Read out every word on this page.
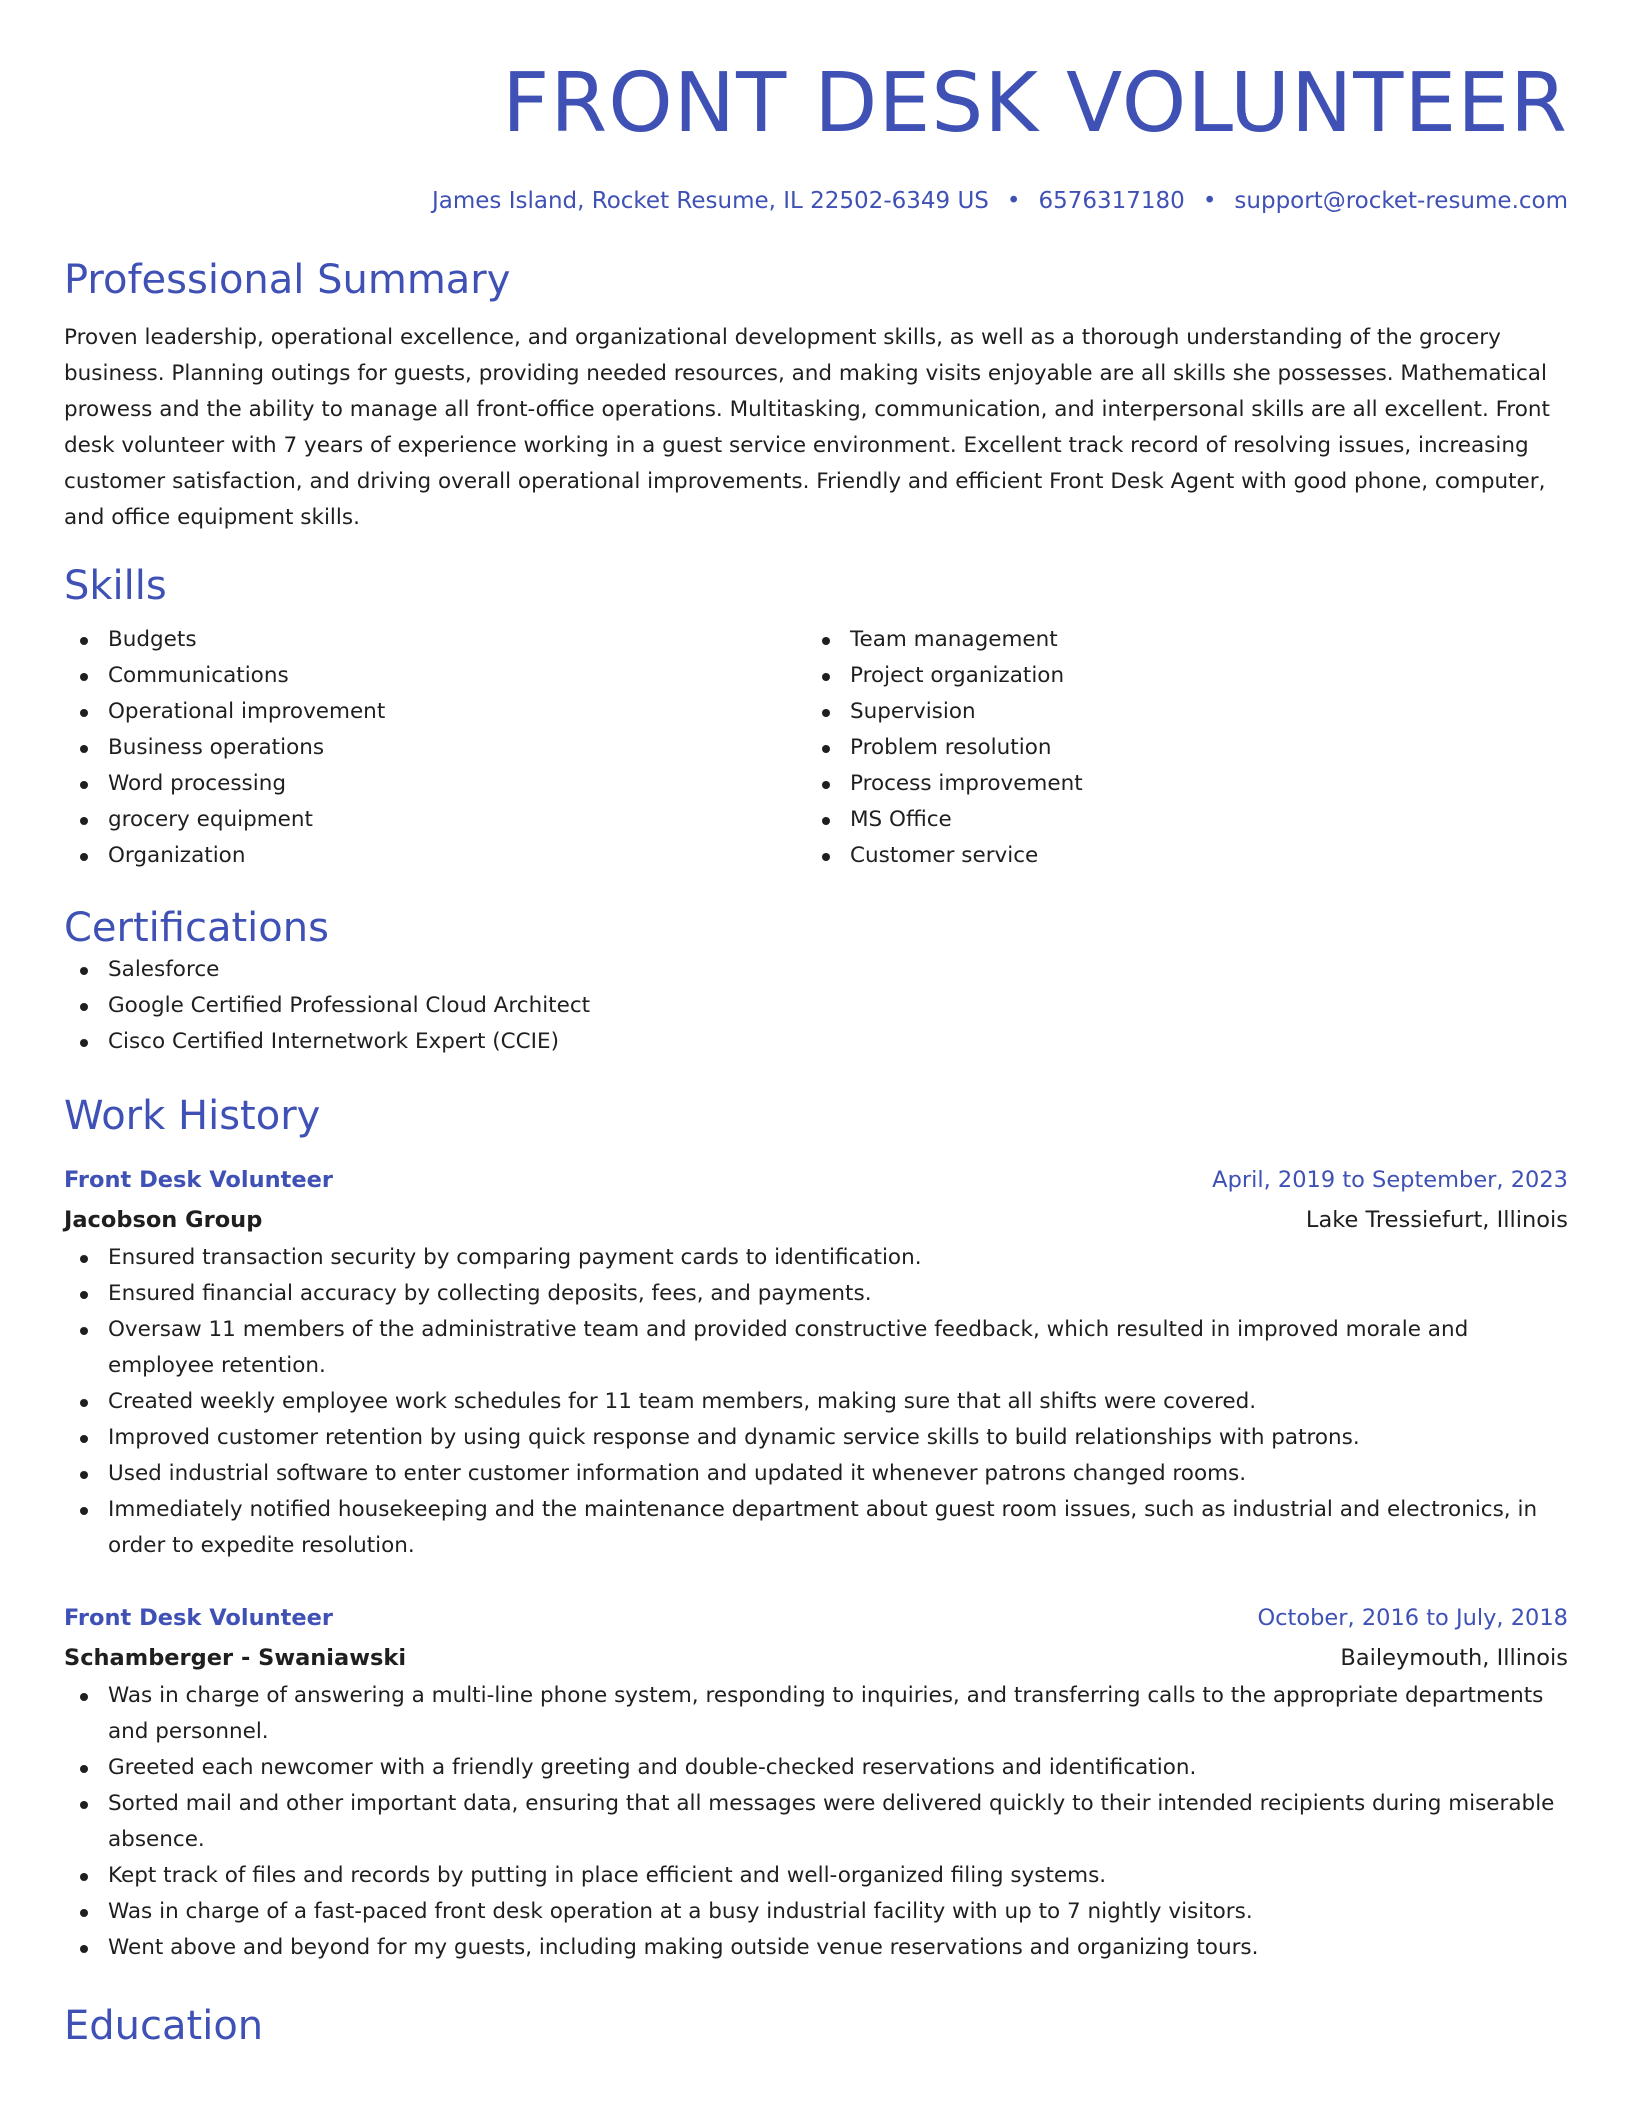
FRONT DESK VOLUNTEER
James Island, Rocket Resume, IL 22502-6349 US • 6576317180 • support@rocket-resume.com
Professional Summary

Proven leadership, operational excellence, and organizational development skills, as well as a thorough understanding of the grocery business. Planning outings for guests, providing needed resources, and making visits enjoyable are all skills she possesses. Mathematical prowess and the ability to manage all front-office operations. Multitasking, communication, and interpersonal skills are all excellent. Front desk volunteer with 7 years of experience working in a guest service environment. Excellent track record of resolving issues, increasing customer satisfaction, and driving overall operational improvements. Friendly and efficient Front Desk Agent with good phone, computer, and office equipment skills.

Skills
Budgets
Communications
Operational improvement
Business operations
Word processing
grocery equipment
Organization
Team management
Project organization
Supervision
Problem resolution
Process improvement
MS Office
Customer service
Certifications
Salesforce
Google Certified Professional Cloud Architect
Cisco Certified Internetwork Expert (CCIE)
Work History
Front Desk Volunteer	April, 2019 to September, 2023
Jacobson Group	Lake Tressiefurt, Illinois
Ensured transaction security by comparing payment cards to identification.
Ensured financial accuracy by collecting deposits, fees, and payments.
Oversaw 11 members of the administrative team and provided constructive feedback, which resulted in improved morale and employee retention.
Created weekly employee work schedules for 11 team members, making sure that all shifts were covered.
Improved customer retention by using quick response and dynamic service skills to build relationships with patrons.
Used industrial software to enter customer information and updated it whenever patrons changed rooms.
Immediately notified housekeeping and the maintenance department about guest room issues, such as industrial and electronics, in order to expedite resolution.
Front Desk Volunteer	October, 2016 to July, 2018
Schamberger - Swaniawski	Baileymouth, Illinois
Was in charge of answering a multi-line phone system, responding to inquiries, and transferring calls to the appropriate departments and personnel.
Greeted each newcomer with a friendly greeting and double-checked reservations and identification.
Sorted mail and other important data, ensuring that all messages were delivered quickly to their intended recipients during miserable absence.
Kept track of files and records by putting in place efficient and well-organized filing systems.
Was in charge of a fast-paced front desk operation at a busy industrial facility with up to 7 nightly visitors.
Went above and beyond for my guests, including making outside venue reservations and organizing tours.
Education
